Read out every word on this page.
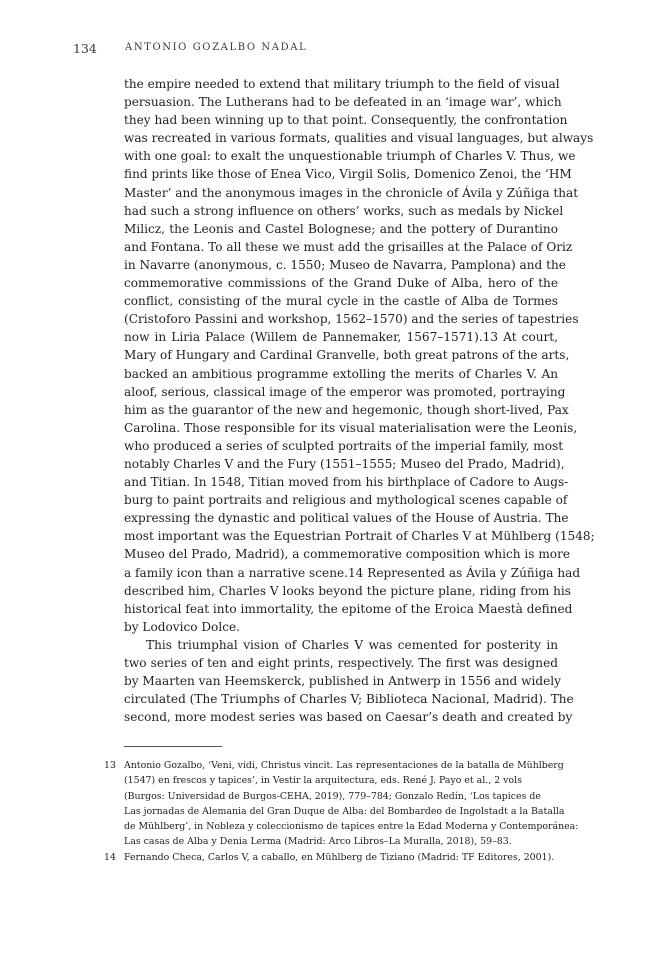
134	ANTONIO GOZALBO NADAL
the empire needed to extend that military triumph to the field of visual
persuasion. The Lutherans had to be defeated in an ‘image war’, which
they had been winning up to that point. Consequently, the confrontation
was recreated in various formats, qualities and visual languages, but always
with one goal: to exalt the unquestionable triumph of Charles V. Thus, we
find prints like those of Enea Vico, Virgil Solis, Domenico Zenoi, the ‘HM
Master’ and the anonymous images in the chronicle of Ávila y Zúñiga that
had such a strong influence on others’ works, such as medals by Nickel
Milicz, the Leonis and Castel Bolognese; and the pottery of Durantino
and Fontana. To all these we must add the grisailles at the Palace of Oriz
in Navarre (anonymous, c. 1550; Museo de Navarra, Pamplona) and the
commemorative commissions of the Grand Duke of Alba, hero of the
conflict, consisting of the mural cycle in the castle of Alba de Tormes
(Cristoforo Passini and workshop, 1562–1570) and the series of tapestries
now in Liria Palace (Willem de Pannemaker, 1567–1571).13 At court,
Mary of Hungary and Cardinal Granvelle, both great patrons of the arts,
backed an ambitious programme extolling the merits of Charles V. An
aloof, serious, classical image of the emperor was promoted, portraying
him as the guarantor of the new and hegemonic, though short-lived, Pax
Carolina. Those responsible for its visual materialisation were the Leonis,
who produced a series of sculpted portraits of the imperial family, most
notably Charles V and the Fury (1551–1555; Museo del Prado, Madrid),
and Titian. In 1548, Titian moved from his birthplace of Cadore to Augs-
burg to paint portraits and religious and mythological scenes capable of
expressing the dynastic and political values of the House of Austria. The
most important was the Equestrian Portrait of Charles V at Mühlberg (1548;
Museo del Prado, Madrid), a commemorative composition which is more
a family icon than a narrative scene.14 Represented as Ávila y Zúñiga had
described him, Charles V looks beyond the picture plane, riding from his
historical feat into immortality, the epitome of the Eroica Maestà defined
by Lodovico Dolce.
This triumphal vision of Charles V was cemented for posterity in
two series of ten and eight prints, respectively. The first was designed
by Maarten van Heemskerck, published in Antwerp in 1556 and widely
circulated (The Triumphs of Charles V; Biblioteca Nacional, Madrid). The
second, more modest series was based on Caesar’s death and created by
13 Antonio Gozalbo, ‘Veni, vidi, Christus vincit. Las representaciones de la batalla de Mühlberg
(1547) en frescos y tapices’, in Vestir la arquitectura, eds. René J. Payo et al., 2 vols
(Burgos: Universidad de Burgos-CEHA, 2019), 779–784; Gonzalo Redín, ‘Los tapices de
Las jornadas de Alemania del Gran Duque de Alba: del Bombardeo de Ingolstadt a la Batalla
de Mühlberg’, in Nobleza y coleccionismo de tapices entre la Edad Moderna y Contemporánea:
Las casas de Alba y Denia Lerma (Madrid: Arco Libros–La Muralla, 2018), 59–83.
14 Fernando Checa, Carlos V, a caballo, en Mühlberg de Tiziano (Madrid: TF Editores, 2001).
